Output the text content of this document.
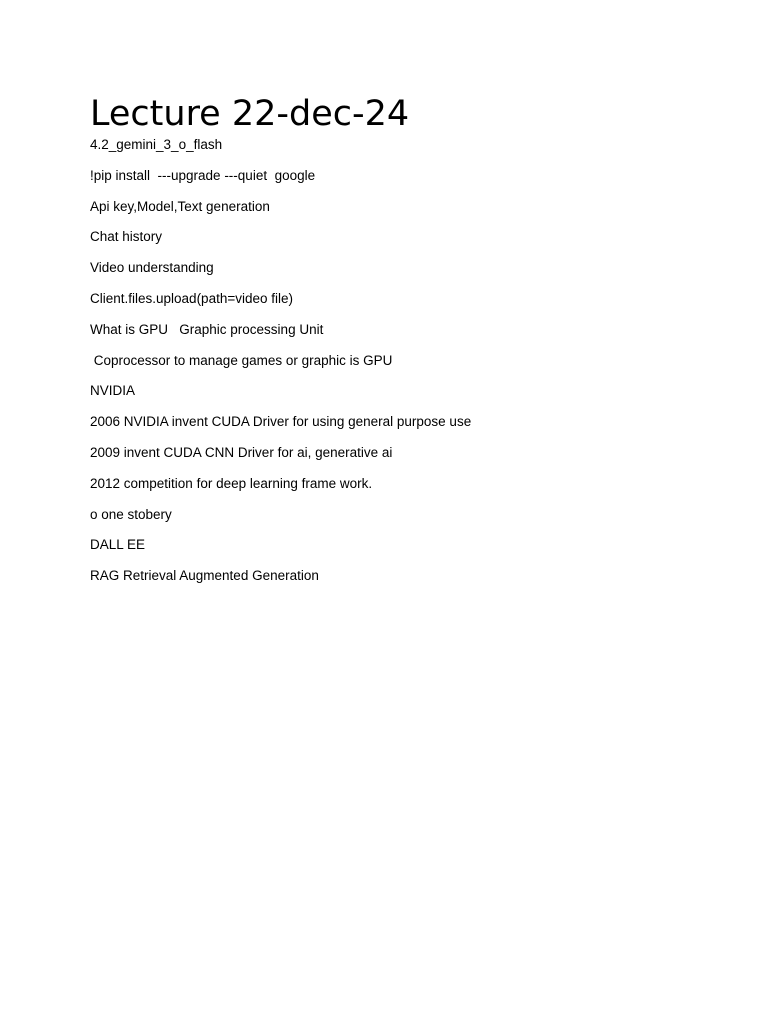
Lecture 22-dec-24
4.2_gemini_3_o_flash
!pip install  ---upgrade ---quiet  google
Api key,Model,Text generation
Chat history
Video understanding
Client.files.upload(path=video file)
What is GPU   Graphic processing Unit
Coprocessor to manage games or graphic is GPU
NVIDIA
2006 NVIDIA invent CUDA Driver for using general purpose use
2009 invent CUDA CNN Driver for ai, generative ai
2012 competition for deep learning frame work.
o one stobery
DALL EE
RAG Retrieval Augmented Generation
